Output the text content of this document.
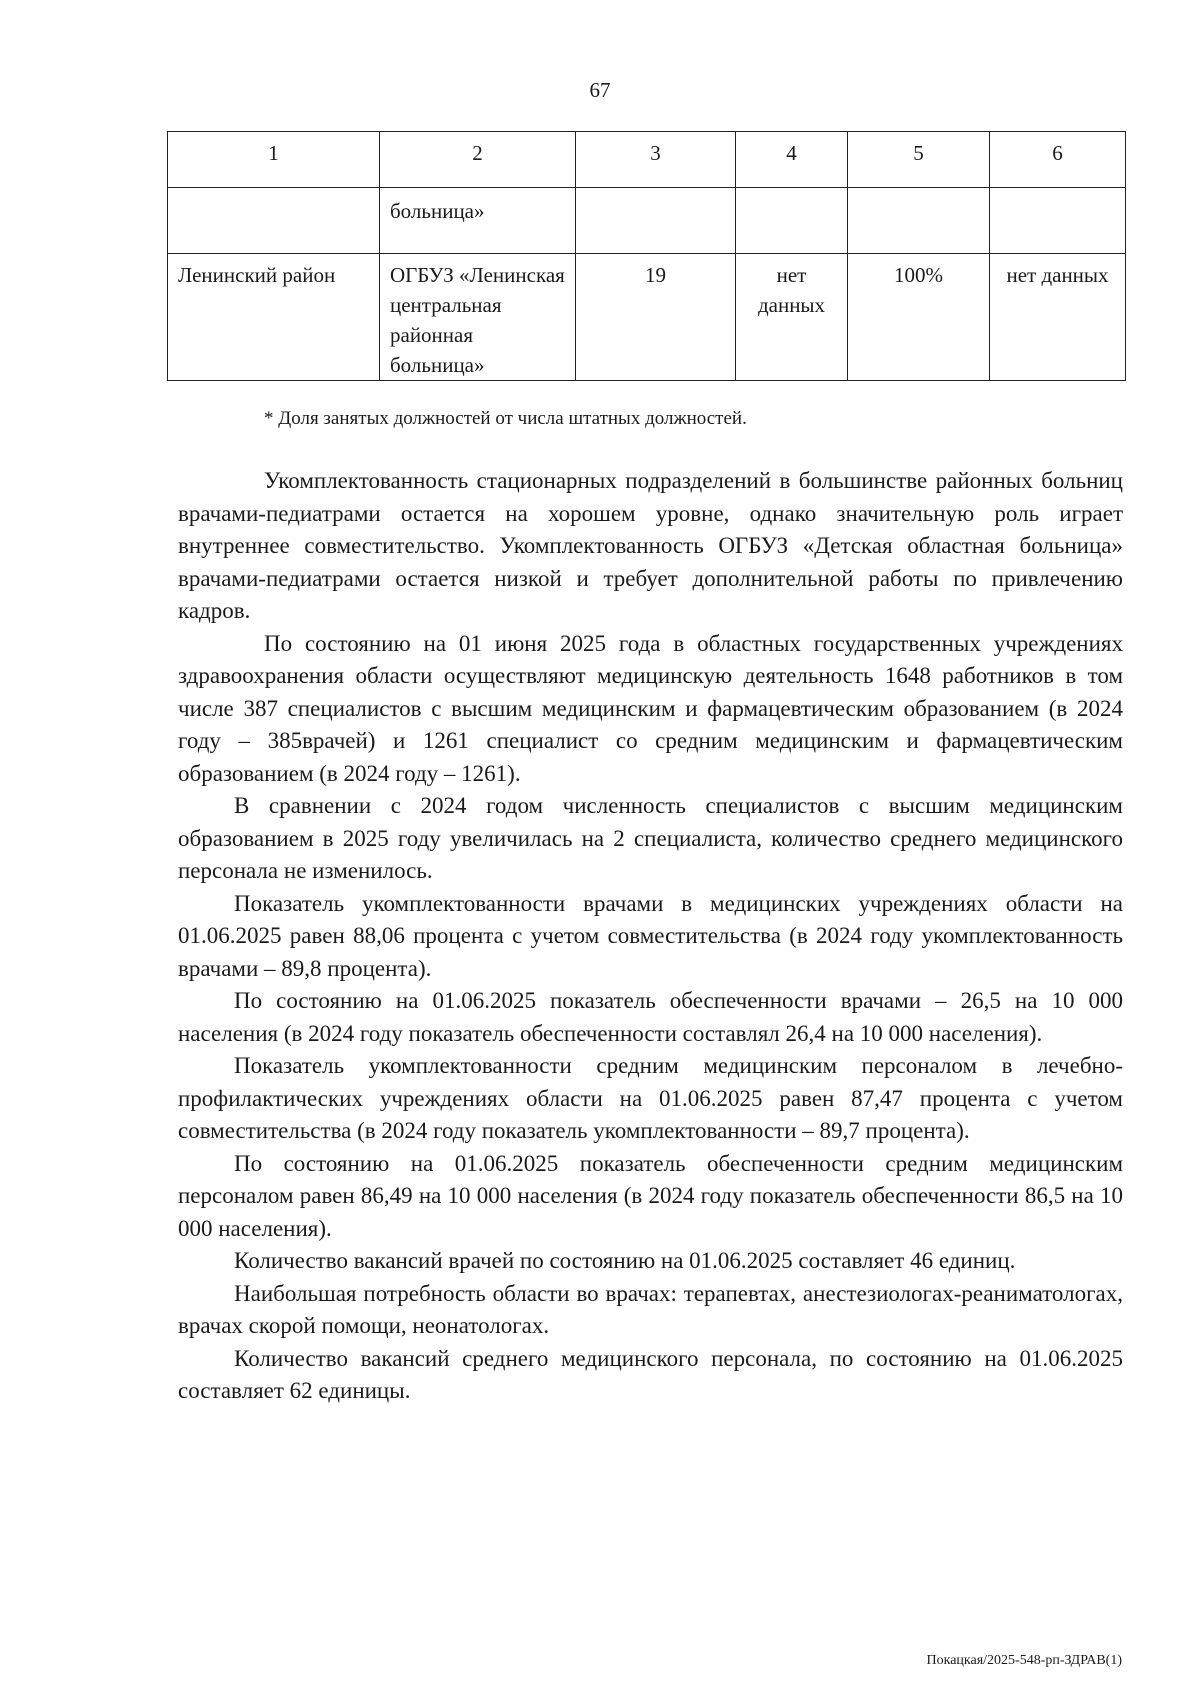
67
1	2	3	4	5	6
	больница»				
Ленинский район	ОГБУЗ «Ленинская центральная районная больница»	19	нет данных	100%	нет данных
* Доля занятых должностей от числа штатных должностей.

Укомплектованность стационарных подразделений в большинстве районных больниц врачами-педиатрами остается на хорошем уровне, однако значительную роль играет внутреннее совместительство. Укомплектованность ОГБУЗ «Детская областная больница» врачами-педиатрами остается низкой и требует дополнительной работы по привлечению кадров.

По состоянию на 01 июня 2025 года в областных государственных учреждениях здравоохранения области осуществляют медицинскую деятельность 1648 работников в том числе 387 специалистов с высшим медицинским и фармацевтическим образованием (в 2024 году – 385врачей) и 1261 специалист со средним медицинским и фармацевтическим образованием (в 2024 году – 1261).

В сравнении с 2024 годом численность специалистов с высшим медицинским образованием в 2025 году увеличилась на 2 специалиста, количество среднего медицинского персонала не изменилось.

Показатель укомплектованности врачами в медицинских учреждениях области на 01.06.2025 равен 88,06 процента с учетом совместительства (в 2024 году укомплектованность врачами – 89,8 процента).

По состоянию на 01.06.2025 показатель обеспеченности врачами – 26,5 на 10 000 населения (в 2024 году показатель обеспеченности составлял 26,4 на 10 000 населения).

Показатель укомплектованности средним медицинским персоналом в лечебно-профилактических учреждениях области на 01.06.2025 равен 87,47 процента с учетом совместительства (в 2024 году показатель укомплектованности – 89,7 процента).

По состоянию на 01.06.2025 показатель обеспеченности средним медицинским персоналом равен 86,49 на 10 000 населения (в 2024 году показатель обеспеченности 86,5 на 10 000 населения).

Количество вакансий врачей по состоянию на 01.06.2025 составляет 46 единиц.

Наибольшая потребность области во врачах: терапевтах, анестезиологах-реаниматологах, врачах скорой помощи, неонатологах.

Количество вакансий среднего медицинского персонала, по состоянию на 01.06.2025 составляет 62 единицы.

Покацкая/2025-548-рп-ЗДРАВ(1)
